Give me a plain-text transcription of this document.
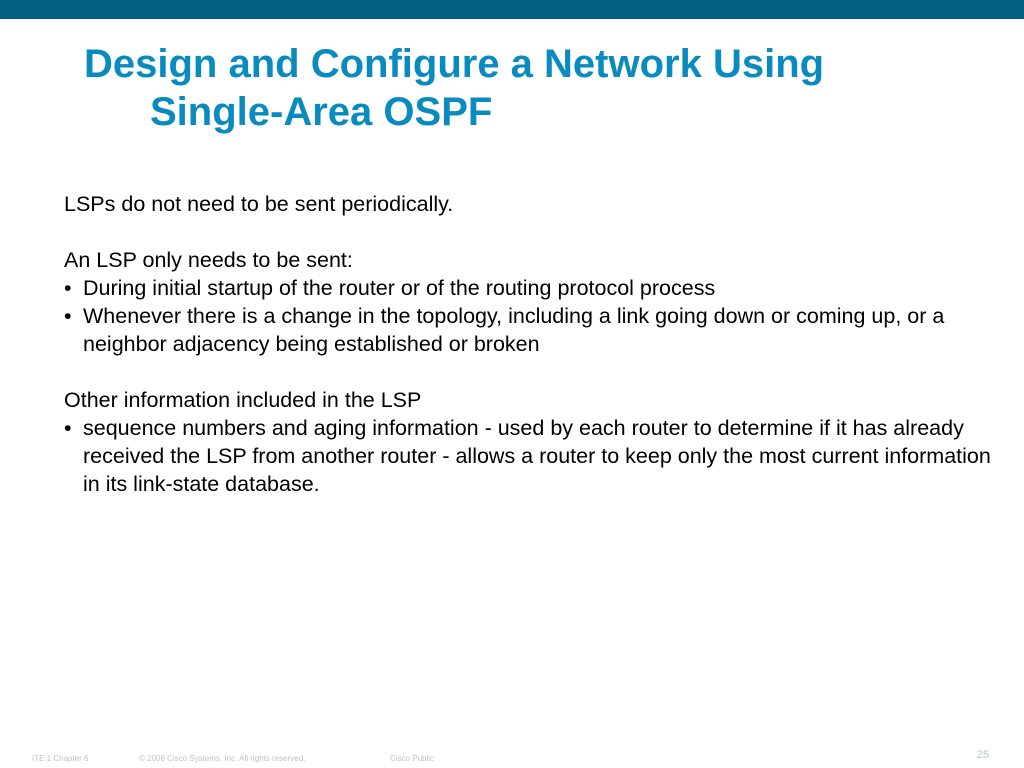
Design and Configure a Network Using
Single-Area OSPF

LSPs do not need to be sent periodically.

An LSP only needs to be sent:

• During initial startup of the router or of the routing protocol process
• Whenever there is a change in the topology, including a link going down or coming up, or a neighbor adjacency being established or broken

Other information included in the LSP

• sequence numbers and aging information - used by each router to determine if it has already received the LSP from another router - allows a router to keep only the most current information in its link-state database.
ITE 1 Chapter 6	© 2006 Cisco Systems, Inc. All rights reserved.	Cisco Public	25
